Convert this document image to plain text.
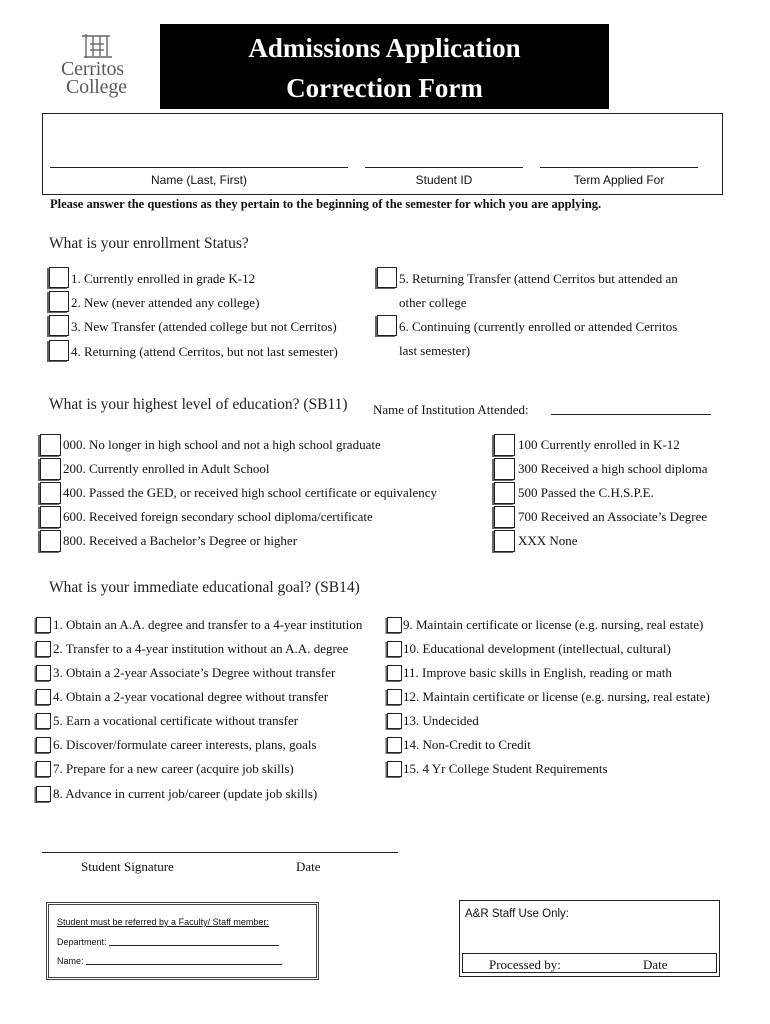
Cerritos
College
Admissions Application
Correction Form
Name (Last, First)	Student ID	Term Applied For
Please answer the questions as they pertain to the beginning of the semester for which you are applying.
What is your enrollment Status?
1. Currently enrolled in grade K-12
2. New (never attended any college)
3. New Transfer (attended college but not Cerritos)
4. Returning (attend Cerritos, but not last semester)
5. Returning Transfer (attend Cerritos but attended an
other college
6. Continuing (currently enrolled or attended Cerritos
last semester)
What is your highest level of education? (SB11) Name of Institution Attended:
000. No longer in high school and not a high school graduate
200. Currently enrolled in Adult School
400. Passed the GED, or received high school certificate or equivalency
600. Received foreign secondary school diploma/certificate
800. Received a Bachelor’s Degree or higher
100 Currently enrolled in K-12
300 Received a high school diploma
500 Passed the C.H.S.P.E.
700 Received an Associate’s Degree
XXX None
What is your immediate educational goal? (SB14)
1. Obtain an A.A. degree and transfer to a 4-year institution
2. Transfer to a 4-year institution without an A.A. degree
3. Obtain a 2-year Associate’s Degree without transfer
4. Obtain a 2-year vocational degree without transfer
5. Earn a vocational certificate without transfer
6. Discover/formulate career interests, plans, goals
7. Prepare for a new career (acquire job skills)
8. Advance in current job/career (update job skills)
9. Maintain certificate or license (e.g. nursing, real estate)
10. Educational development (intellectual, cultural)
11. Improve basic skills in English, reading or math
12. Maintain certificate or license (e.g. nursing, real estate)
13. Undecided
14. Non-Credit to Credit
15. 4 Yr College Student Requirements
Student Signature	Date
Student must be referred by a Faculty/ Staff member:
Department:
Name:
A&R Staff Use Only:
Processed by:	Date
